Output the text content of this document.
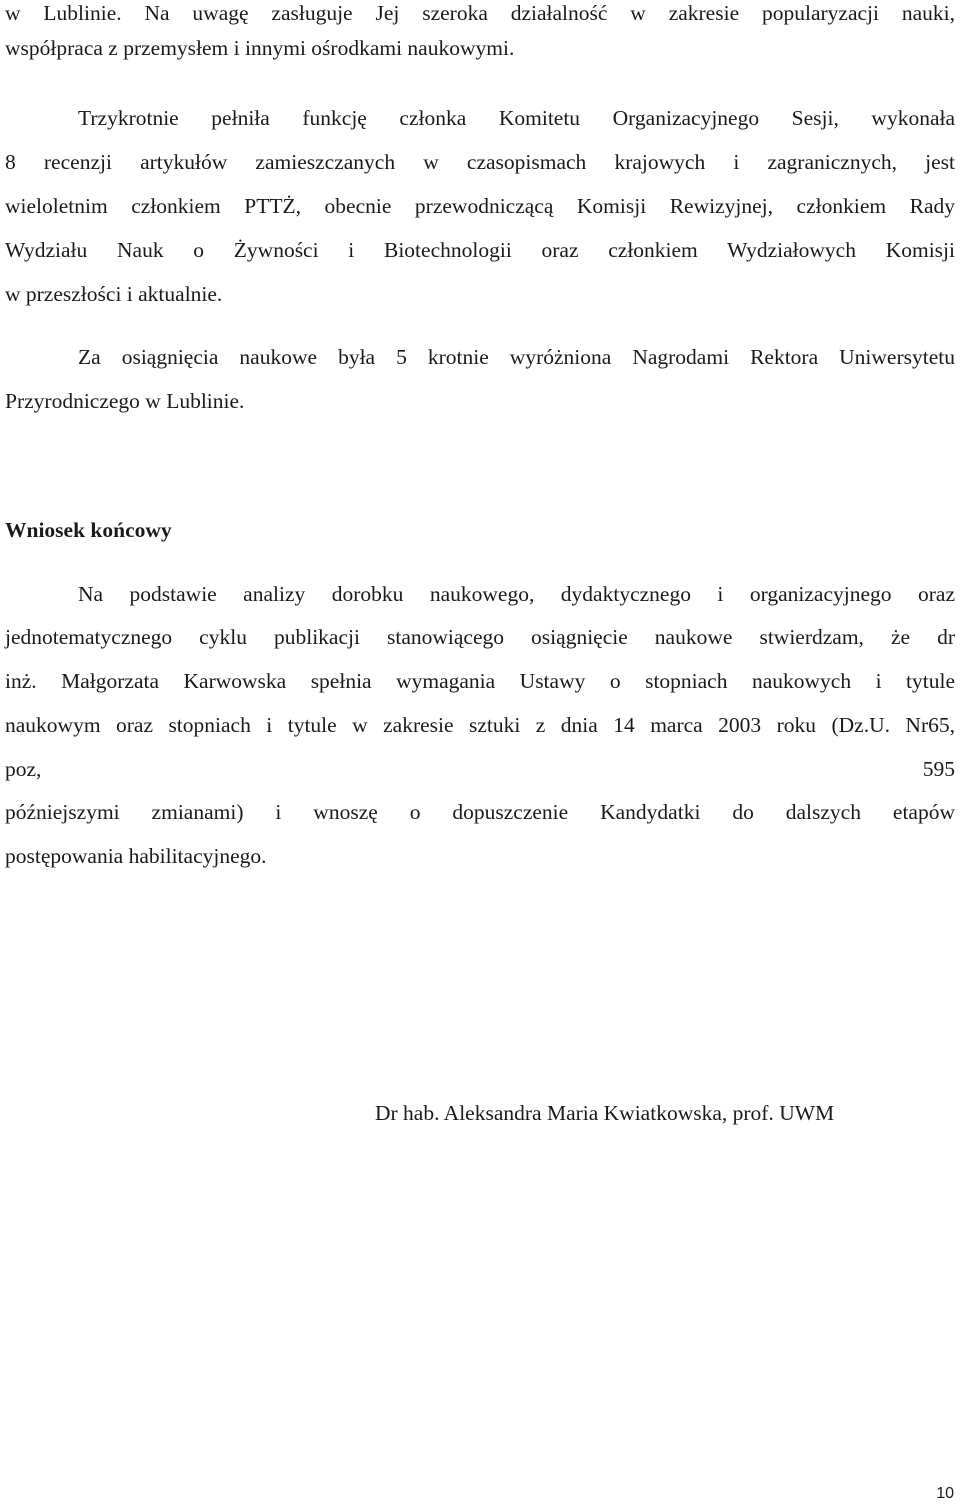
w Lublinie. Na uwagę zasługuje Jej szeroka działalność w zakresie popularyzacji nauki,
współpraca z przemysłem i innymi ośrodkami naukowymi.
Trzykrotnie pełniła funkcję członka Komitetu Organizacyjnego Sesji, wykonała
8 recenzji artykułów zamieszczanych w czasopismach krajowych i zagranicznych, jest
wieloletnim członkiem PTTŻ, obecnie przewodniczącą Komisji Rewizyjnej, członkiem Rady
Wydziału Nauk o Żywności i Biotechnologii oraz członkiem Wydziałowych Komisji
w przeszłości i aktualnie.
Za osiągnięcia naukowe była 5 krotnie wyróżniona Nagrodami Rektora Uniwersytetu
Przyrodniczego w Lublinie.
Wniosek końcowy
Na podstawie analizy dorobku naukowego, dydaktycznego i organizacyjnego oraz
jednotematycznego cyklu publikacji stanowiącego osiągnięcie naukowe stwierdzam, że dr
inż. Małgorzata Karwowska spełnia wymagania Ustawy o stopniach naukowych i tytule
naukowym oraz stopniach i tytule w zakresie sztuki z dnia 14 marca 2003 roku (Dz.U. Nr65,
poz, 595
późniejszymi zmianami) i wnoszę o dopuszczenie Kandydatki do dalszych etapów
postępowania habilitacyjnego.
Dr hab. Aleksandra Maria Kwiatkowska, prof. UWM
10
